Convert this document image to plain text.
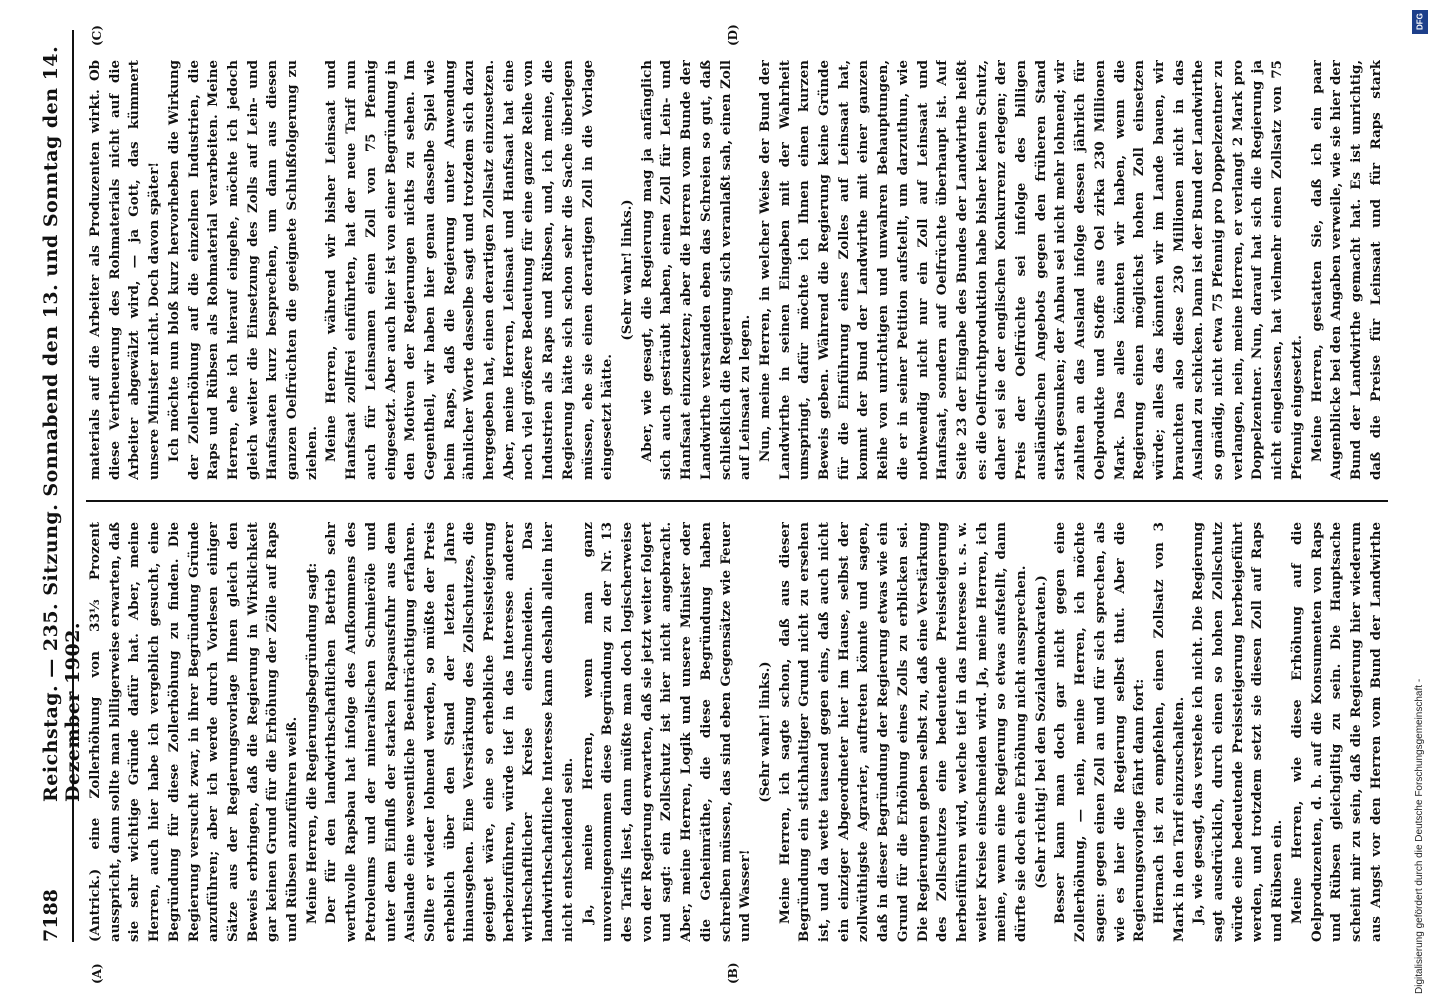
7188
Reichstag. — 235. Sitzung. Sonnabend den 13. und Sonntag den 14. Dezember 1902.
(A)	(B)
(C)	(D)

(Antrick.) eine Zollerhöhung von 33⅓ Prozent ausspricht, dann sollte man billigerweise erwarten, daß sie sehr wichtige Gründe dafür hat. Aber, meine Herren, auch hier habe ich vergeblich gesucht, eine Begründung für diese Zollerhöhung zu finden. Die Regierung versucht zwar, in ihrer Begründung Gründe anzuführen; aber ich werde durch Vorlesen einiger Sätze aus der Regierungsvorlage Ihnen gleich den Beweis erbringen, daß die Regierung in Wirklichkeit gar keinen Grund für die Erhöhung der Zölle auf Raps und Rübsen anzuführen weiß. Meine Herren, die Regierungsbegründung sagt: Der für den landwirthschaftlichen Betrieb sehr werthvolle Rapsbau hat infolge des Aufkommens des Petroleums und der mineralischen Schmieröle und unter dem Einfluß der starken Rapsausfuhr aus dem Auslande eine wesentliche Beeinträchtigung erfahren. Sollte er wieder lohnend werden, so müßte der Preis erheblich über den Stand der letzten Jahre hinausgehen. Eine Verstärkung des Zollschutzes, die geeignet wäre, eine so erhebliche Preissteigerung herbeizuführen, würde tief in das Interesse anderer wirthschaftlicher Kreise einschneiden. Das landwirthschaftliche Interesse kann deshalb allein hier nicht entscheidend sein. Ja, meine Herren, wenn man ganz unvoreingenommen diese Begründung zu der Nr. 13 des Tarifs liest, dann müßte man doch logischerweise von der Regierung erwarten, daß sie jetzt weiter folgert und sagt: ein Zollschutz ist hier nicht angebracht. Aber, meine Herren, Logik und unsere Minister oder die Geheimräthe, die diese Begründung haben schreiben müssen, das sind eben Gegensätze wie Feuer und Wasser!

(Sehr wahr! links.) Meine Herren, ich sagte schon, daß aus dieser Begründung ein stichhaltiger Grund nicht zu ersehen ist, und da wette tausend gegen eins, daß auch nicht ein einziger Abgeordneter hier im Hause, selbst der zollwüthigste Agrarier, auftreten könnte und sagen, daß in dieser Begründung der Regierung etwas wie ein Grund für die Erhöhung eines Zolls zu erblicken sei. Die Regierungen geben selbst zu, daß eine Verstärkung des Zollschutzes eine bedeutende Preissteigerung herbeiführen wird, welche tief in das Interesse u. s. w. weiter Kreise einschneiden wird. Ja, meine Herren, ich meine, wenn eine Regierung so etwas aufstellt, dann dürfte sie doch eine Erhöhung nicht aussprechen. (Sehr richtig! bei den Sozialdemokraten.) Besser kann man doch gar nicht gegen eine Zollerhöhung, — nein, meine Herren, ich möchte sagen: gegen einen Zoll an und für sich sprechen, als wie es hier die Regierung selbst thut. Aber die Regierungsvorlage fährt dann fort: Hiernach ist zu empfehlen, einen Zollsatz von 3 Mark in den Tarif einzuschalten. Ja, wie gesagt, das verstehe ich nicht. Die Regierung sagt ausdrücklich, durch einen so hohen Zollschutz würde eine bedeutende Preissteigerung herbeigeführt werden, und trotzdem setzt sie diesen Zoll auf Raps und Rübsen ein. Meine Herren, wie diese Erhöhung auf die Oelproduzenten, d. h. auf die Konsumenten von Raps und Rübsen gleichgiltig zu sein. Die Hauptsache scheint mir zu sein, daß die Regierung hier wiederum aus Angst vor den Herren vom Bund der Landwirthe

materials auf die Arbeiter als Produzenten wirkt. Ob diese Vertheuerung des Rohmaterials nicht auf die Arbeiter abgewälzt wird, — ja Gott, das kümmert unsere Minister nicht. Doch davon später! Ich möchte nun bloß kurz hervorheben die Wirkung der Zollerhöhung auf die einzelnen Industrien, die Raps und Rübsen als Rohmaterial verarbeiten. Meine Herren, ehe ich hierauf eingehe, möchte ich jedoch gleich weiter die Einsetzung des Zolls auf Lein- und Hanfsaaten kurz besprechen, um dann aus diesen ganzen Oelfrüchten die geeignete Schlußfolgerung zu ziehen. Meine Herren, während wir bisher Leinsaat und Hanfsaat zollfrei einführten, hat der neue Tarif nun auch für Leinsamen einen Zoll von 75 Pfennig eingesetzt. Aber auch hier ist von einer Begründung in den Motiven der Regierungen nichts zu sehen. Im Gegentheil, wir haben hier genau dasselbe Spiel wie beim Raps, daß die Regierung unter Anwendung ähnlicher Worte dasselbe sagt und trotzdem sich dazu hergegeben hat, einen derartigen Zollsatz einzusetzen. Aber, meine Herren, Leinsaat und Hanfsaat hat eine noch viel größere Bedeutung für eine ganze Reihe von Industrien als Raps und Rübsen, und, ich meine, die Regierung hätte sich schon sehr die Sache überlegen müssen, ehe sie einen derartigen Zoll in die Vorlage eingesetzt hätte.

(Sehr wahr! links.) Aber, wie gesagt, die Regierung mag ja anfänglich sich auch gesträubt haben, einen Zoll für Lein- und Hanfsaat einzusetzen; aber die Herren vom Bunde der Landwirthe verstanden eben das Schreien so gut, daß schließlich die Regierung sich veranlaßt sah, einen Zoll auf Leinsaat zu legen. Nun, meine Herren, in welcher Weise der Bund der Landwirthe in seinen Eingaben mit der Wahrheit umspringt, dafür möchte ich Ihnen einen kurzen Beweis geben. Während die Regierung keine Gründe für die Einführung eines Zolles auf Leinsaat hat, kommt der Bund der Landwirthe mit einer ganzen Reihe von unrichtigen und unwahren Behauptungen, die er in seiner Petition aufstellt, um darzuthun, wie nothwendig nicht nur ein Zoll auf Leinsaat und Hanfsaat, sondern auf Oelfrüchte überhaupt ist. Auf Seite 23 der Eingabe des Bundes der Landwirthe heißt es: die Oelfruchtproduktion habe bisher keinen Schutz, daher sei sie der englischen Konkurrenz erlegen; der Preis der Oelfrüchte sei infolge des billigen ausländischen Angebots gegen den früheren Stand stark gesunken; der Anbau sei nicht mehr lohnend; wir zahlten an das Ausland infolge dessen jährlich für Oelprodukte und Stoffe aus Oel zirka 230 Millionen Mark. Das alles könnten wir haben, wenn die Regierung einen möglichst hohen Zoll einsetzen würde; alles das könnten wir im Lande bauen, wir brauchten also diese 230 Millionen nicht in das Ausland zu schicken. Dann ist der Bund der Landwirthe so gnädig, nicht etwa 75 Pfennig pro Doppelzentner zu verlangen, nein, meine Herren, er verlangt 2 Mark pro Doppelzentner. Nun, darauf hat sich die Regierung ja nicht eingelassen, hat vielmehr einen Zollsatz von 75 Pfennig eingesetzt. Meine Herren, gestatten Sie, daß ich ein paar Augenblicke bei den Angaben verweile, wie sie hier der Bund der Landwirthe gemacht hat. Es ist unrichtig, daß die Preise für Leinsaat und für Raps stark

DFG
Digitalisierung gefördert durch die Deutsche Forschungsgemeinschaft -
